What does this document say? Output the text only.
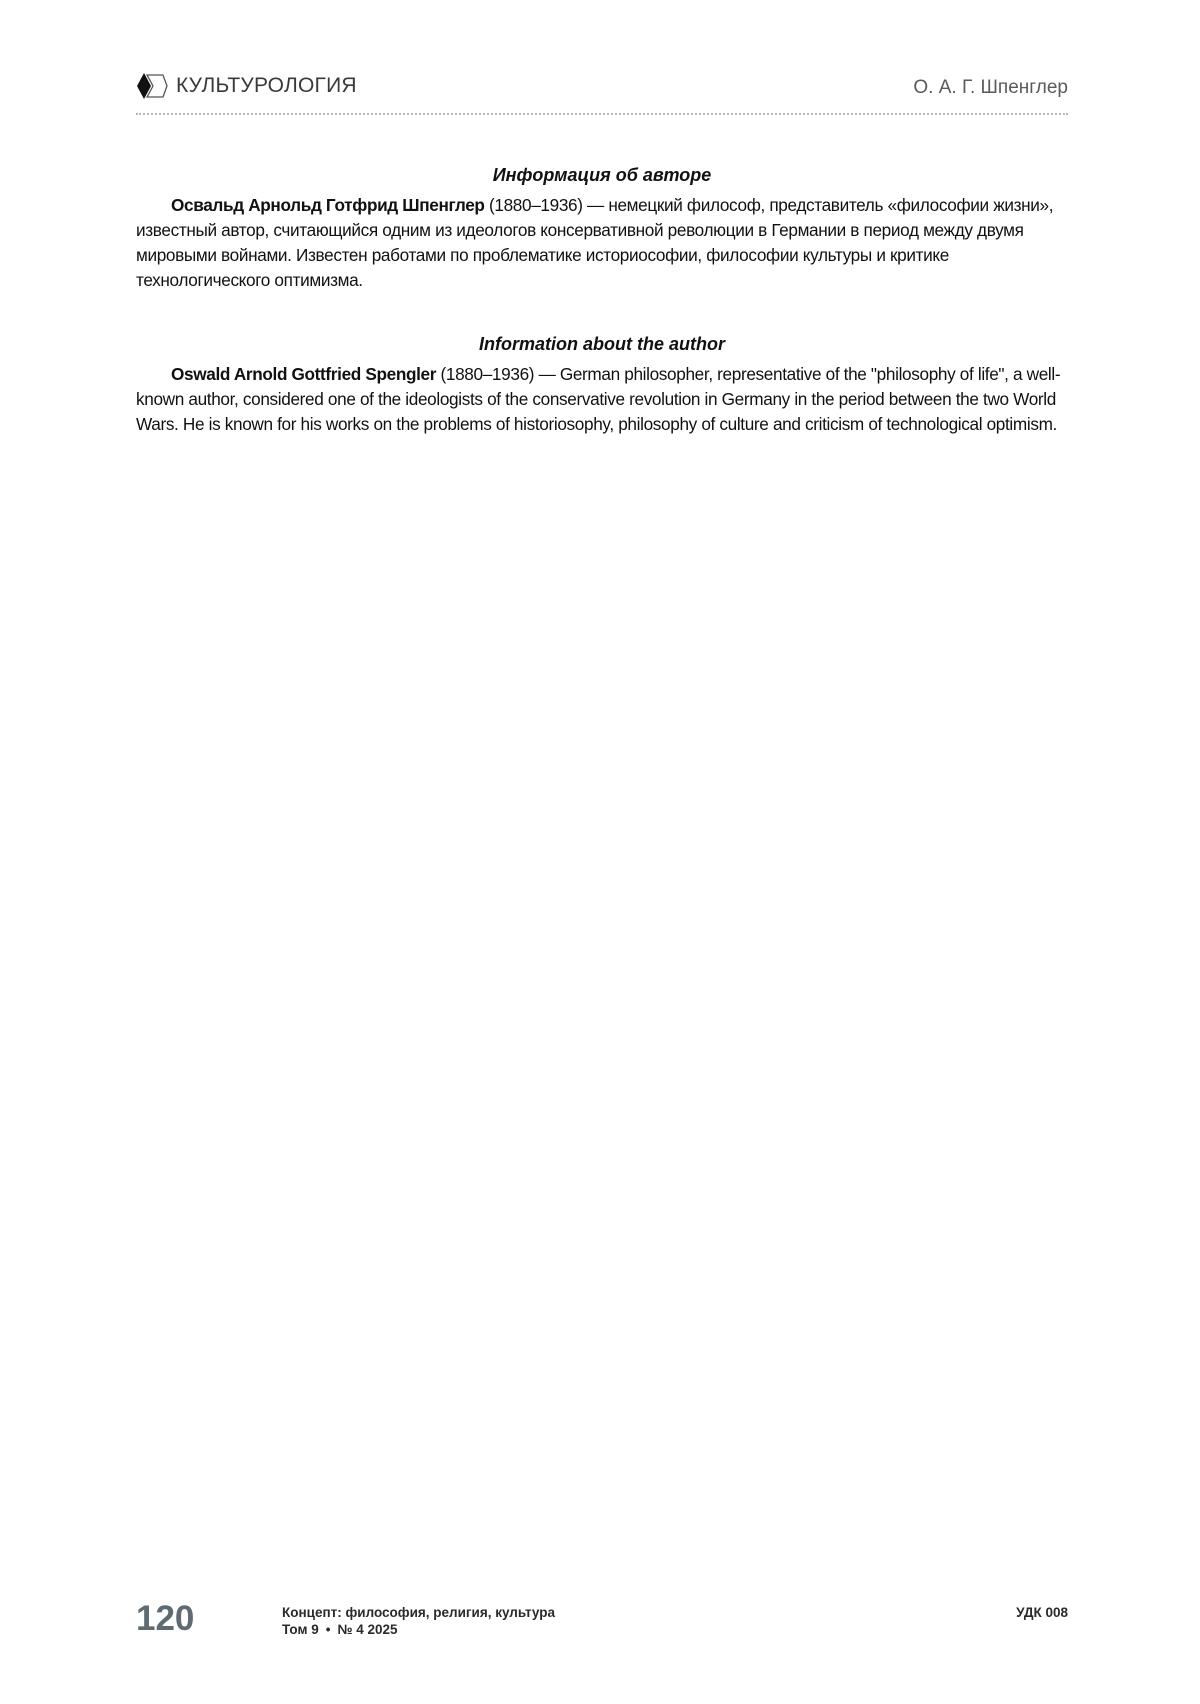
КУЛЬТУРОЛОГИЯ	О. А. Г. Шпенглер

Информация об авторе

Освальд Арнольд Готфрид Шпенглер (1880–1936) — немецкий философ, представитель «философии жизни», известный автор, считающийся одним из идеологов консервативной революции в Германии в период между двумя мировыми войнами. Известен работами по проблематике историософии, философии культуры и критике технологического оптимизма.

Information about the author

Oswald Arnold Gottfried Spengler (1880–1936) — German philosopher, representative of the "philosophy of life", a well-known author, considered one of the ideologists of the conservative revolution in Germany in the period between the two World Wars. He is known for his works on the problems of historiosophy, philosophy of culture and criticism of technological optimism.

120	Концепт: философия, религия, культура
Том 9 • № 4 2025
УДК 008
